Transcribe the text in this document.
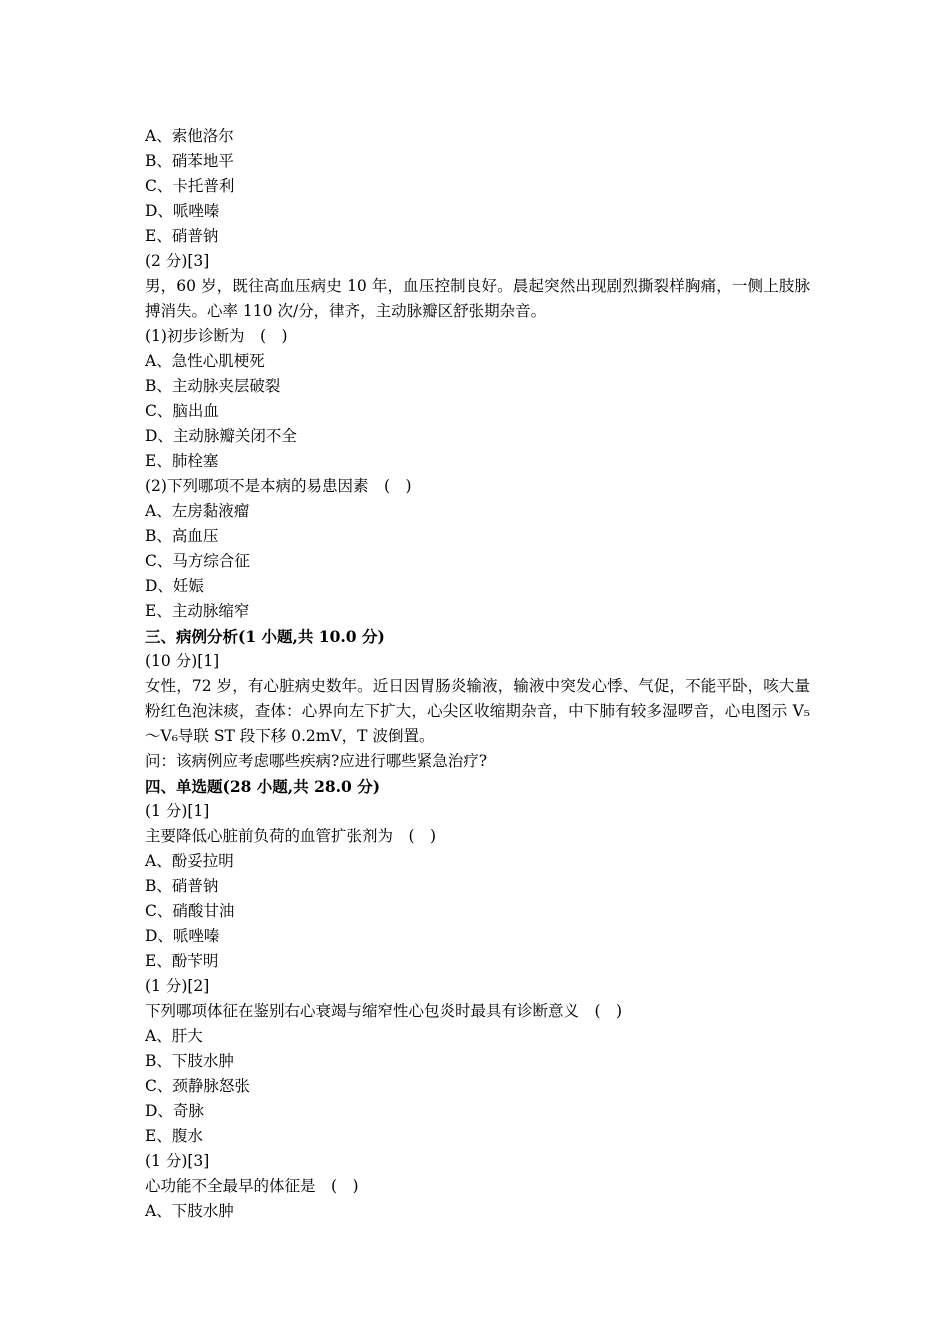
A、索他洛尔
B、硝苯地平
C、卡托普利
D、哌唑嗪
E、硝普钠
(2 分)[3]
男，60 岁，既往高血压病史 10 年，血压控制良好。晨起突然出现剧烈撕裂样胸痛，一侧上肢脉搏消失。心率 110 次/分，律齐，主动脉瓣区舒张期杂音。
(1)初步诊断为　(　)
A、急性心肌梗死
B、主动脉夹层破裂
C、脑出血
D、主动脉瓣关闭不全
E、肺栓塞
(2)下列哪项不是本病的易患因素　(　)
A、左房黏液瘤
B、高血压
C、马方综合征
D、妊娠
E、主动脉缩窄
三、病例分析(1 小题,共 10.0 分)
(10 分)[1]
女性，72 岁，有心脏病史数年。近日因胃肠炎输液，输液中突发心悸、气促，不能平卧，咳大量粉红色泡沫痰，查体：心界向左下扩大，心尖区收缩期杂音，中下肺有较多湿啰音，心电图示 V₅～V₆导联 ST 段下移 0.2mV，T 波倒置。
问：该病例应考虑哪些疾病?应进行哪些紧急治疗?
四、单选题(28 小题,共 28.0 分)
(1 分)[1]
主要降低心脏前负荷的血管扩张剂为　(　)
A、酚妥拉明
B、硝普钠
C、硝酸甘油
D、哌唑嗪
E、酚苄明
(1 分)[2]
下列哪项体征在鉴别右心衰竭与缩窄性心包炎时最具有诊断意义　(　)
A、肝大
B、下肢水肿
C、颈静脉怒张
D、奇脉
E、腹水
(1 分)[3]
心功能不全最早的体征是　(　)
A、下肢水肿
